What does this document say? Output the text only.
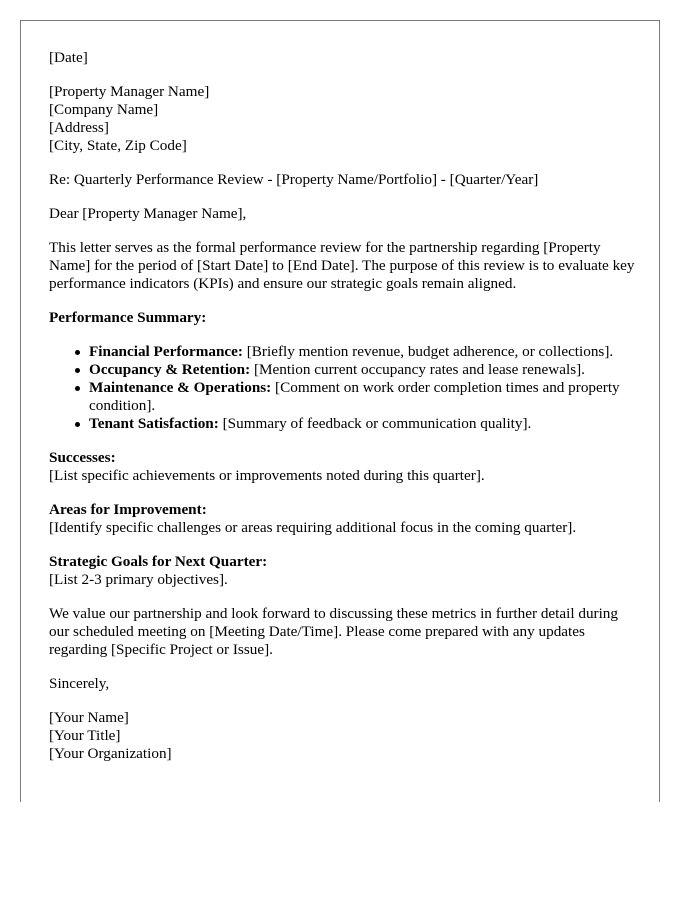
[Date]

[Property Manager Name]
[Company Name]
[Address]
[City, State, Zip Code]

Re: Quarterly Performance Review - [Property Name/Portfolio] - [Quarter/Year]

Dear [Property Manager Name],

This letter serves as the formal performance review for the partnership regarding [Property Name] for the period of [Start Date] to [End Date]. The purpose of this review is to evaluate key performance indicators (KPIs) and ensure our strategic goals remain aligned.

Performance Summary:

Financial Performance: [Briefly mention revenue, budget adherence, or collections].
Occupancy & Retention: [Mention current occupancy rates and lease renewals].
Maintenance & Operations: [Comment on work order completion times and property condition].
Tenant Satisfaction: [Summary of feedback or communication quality].

Successes:
[List specific achievements or improvements noted during this quarter].

Areas for Improvement:
[Identify specific challenges or areas requiring additional focus in the coming quarter].

Strategic Goals for Next Quarter:
[List 2-3 primary objectives].

We value our partnership and look forward to discussing these metrics in further detail during our scheduled meeting on [Meeting Date/Time]. Please come prepared with any updates regarding [Specific Project or Issue].

Sincerely,

[Your Name]
[Your Title]
[Your Organization]
